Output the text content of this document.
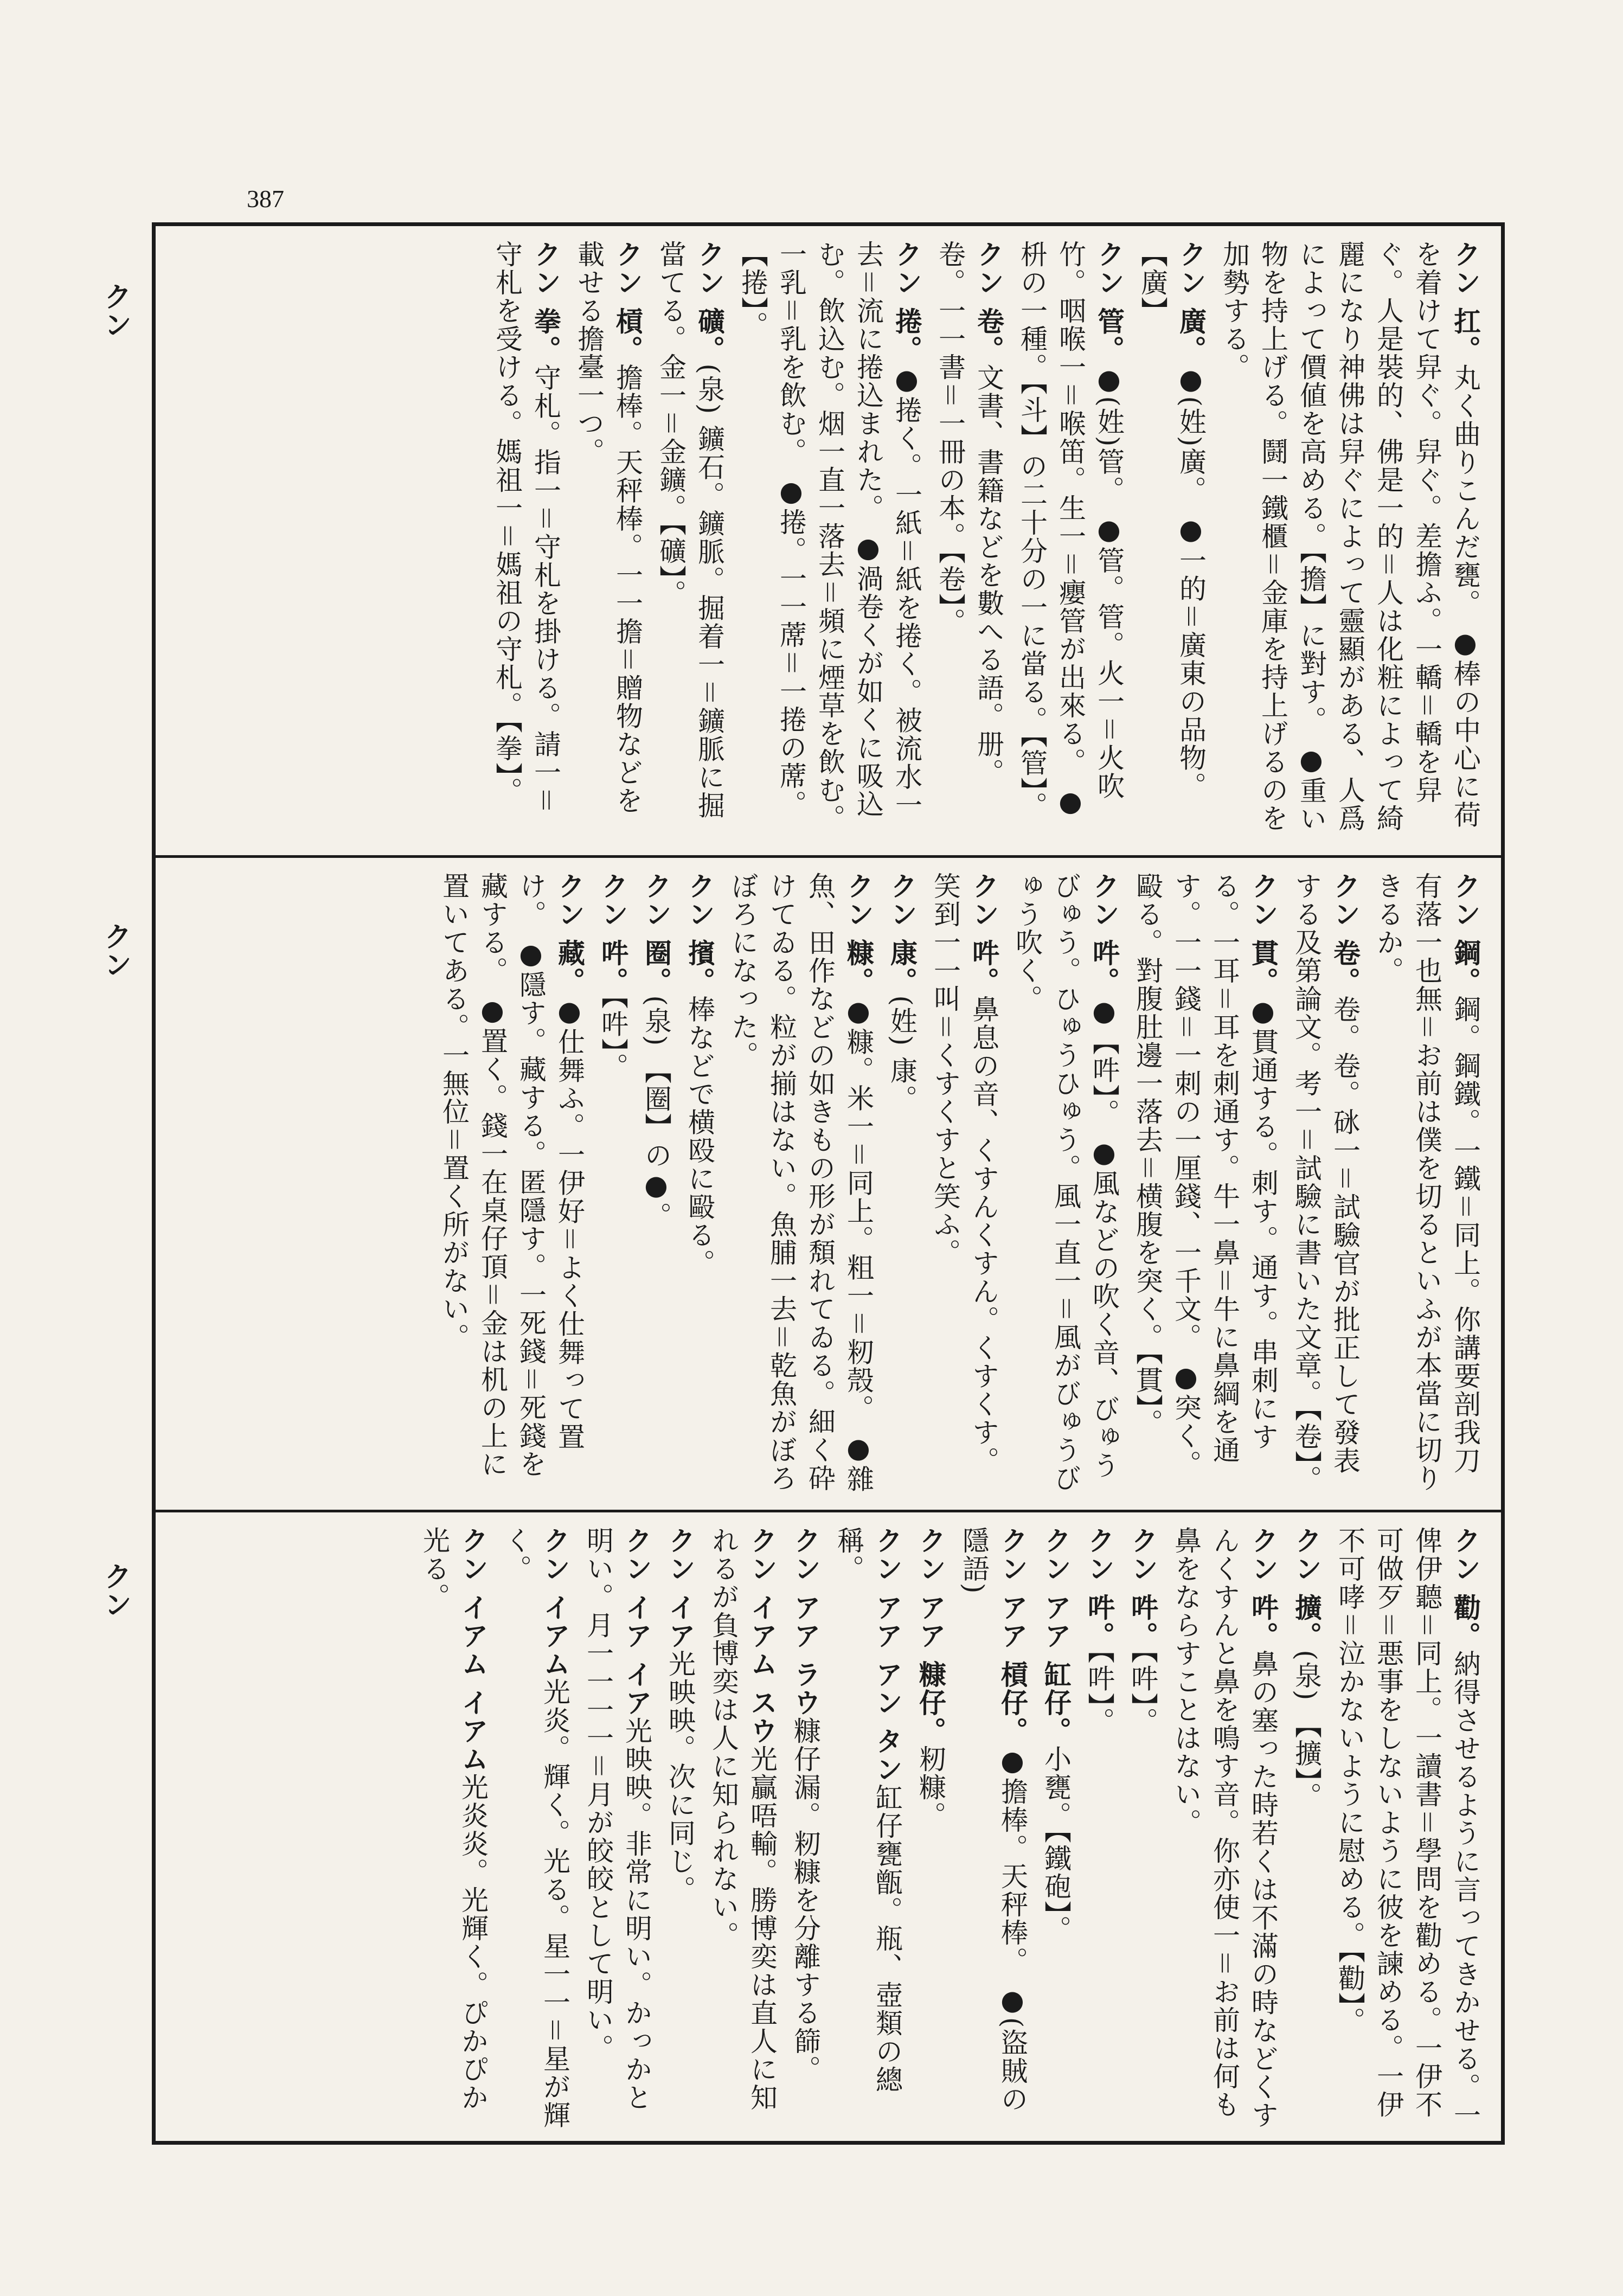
387
クン
クン
クン
クン 扛。丸く曲りこんだ甕。 ●棒の中心に荷を着けて舁ぐ。舁ぐ。差擔ふ。一轎＝轎を舁ぐ。人是裝的、佛是一的＝人は化粧によって綺麗になり神佛は舁ぐによって靈顯がある、人爲によって價値を高める。【擔】に對す。 ●重い物を持上げる。鬪一鐵櫃＝金庫を持上げるのを加勢する。
クン 廣。●(姓)廣。 ●一的＝廣東の品物。【廣】
クン 管。●(姓)管。 ●管。管。火一＝火吹竹。咽喉一＝喉笛。生一＝癭管が出來る。 ●枡の一種。【斗】の二十分の一に當る。【管】。
クン 卷。文書、書籍などを數へる語。册。卷。一一書＝一冊の本。【卷】。
クン 捲。●捲く。一紙＝紙を捲く。被流水一去＝流に捲込まれた。 ●渦卷くが如くに吸込む。飲込む。烟一直一落去＝頻に煙草を飲む。一乳＝乳を飲む。 ●捲。一一蓆＝一捲の蓆。【捲】。
クン 礦。(泉) 鑛石。鑛脈。掘着一＝鑛脈に掘當てる。金一＝金鑛。【礦】。
クン 槓。擔棒。天秤棒。一一擔＝贈物などを載せる擔臺一つ。
クン 拳。守札。指一＝守札を掛ける。請一＝守札を受ける。媽祖一＝媽祖の守札。【拳】。
クン 鋼。鋼。鋼鐵。一鐵＝同上。你講要剖我刀有落一也無＝お前は僕を切るといふが本當に切りきるか。
クン 卷。卷。卷。砯一＝試驗官が批正して發表する及第論文。考一＝試驗に書いた文章。【卷】。
クン 貫。●貫通する。刺す。通す。串刺にする。一耳＝耳を刺通す。牛一鼻＝牛に鼻綱を通す。一一錢＝一刺の一厘錢、一千文。 ●突く。毆る。對腹肚邊一落去＝横腹を突く。【貫】。
クン 吽。●【吽】。 ●風などの吹く音、びゅうびゅう。ひゅうひゅう。風一直一＝風がびゅうびゅう吹く。
クン 吽。鼻息の音、くすんくすん。くすくす。笑到一一叫＝くすくすと笑ふ。
クン 康。(姓) 康。
クン 糠。●糠。米一＝同上。粗一＝籾殼。 ●雜魚、田作などの如きもの形が頽れてゐる。細く砕けてゐる。粒が揃はない。魚脯一去＝乾魚がぼろぼろになった。
クン 擯。棒などで横殴に毆る。
クン 圈。(泉) 【圈】の●。
クン 吽。【吽】。
クン 藏。●仕舞ふ。一伊好＝よく仕舞って置け。 ●隱す。藏する。匿隱す。一死錢＝死錢を藏する。 ●置く。錢一在桌仔頂＝金は机の上に置いてある。一無位＝置く所がない。
クン 勸。納得させるように言ってきかせる。一俾伊聽＝同上。一讀書＝學問を勸める。一伊不可做歹＝悪事をしないように彼を諫める。一伊不可哮＝泣かないように慰める。【勸】。
クン 擴。(泉) 【擴】。
クン 吽。鼻の塞った時若くは不滿の時などくすんくすんと鼻を鳴す音。你亦使一＝お前は何も鼻をならすことはない。
クン 吽。【吽】。
クン 吽。【吽】。
クン アア 缸仔。小甕。【鐵砲】。
クン アア 槓仔。●擔棒。天秤棒。 ●(盜賊の隱語)
クン アア 糠仔。籾糠。
クン アア アン タン缸仔甕甑。瓶、壺類の總稱。
クン アア ラウ糠仔漏。籾糠を分離する篩。
クン イアム スウ光贏唔輸。勝博奕は直人に知れるが負博奕は人に知られない。
クン イア光映映。次に同じ。
クン イア イア光映映。非常に明い。かっかと明い。月一一一一＝月が皎皎として明い。
クン イアム光炎。輝く。光る。星一一＝星が輝く。
クン イアム イアム光炎炎。光輝く。ぴかぴか光る。
